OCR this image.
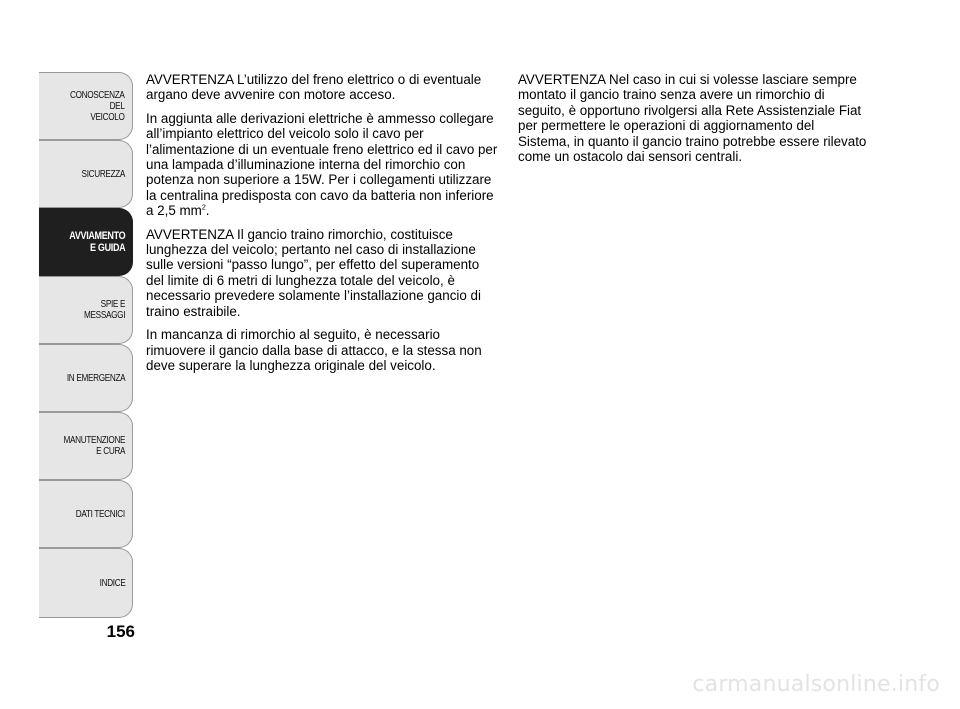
CONOSCENZA
DEL
VEICOLO
SICUREZZA
AVVIAMENTO
E GUIDA
SPIE E
MESSAGGI
IN EMERGENZA
MANUTENZIONE
E CURA
DATI TECNICI
INDICE
156

AVVERTENZA L’utilizzo del freno elettrico o di eventuale argano deve avvenire con motore acceso.

In aggiunta alle derivazioni elettriche è ammesso collegare all’impianto elettrico del veicolo solo il cavo per l’alimentazione di un eventuale freno elettrico ed il cavo per una lampada d’illuminazione interna del rimorchio con potenza non superiore a 15W. Per i collegamenti utilizzare la centralina predisposta con cavo da batteria non inferiore a 2,5 $mm^2$.

AVVERTENZA Il gancio traino rimorchio, costituisce lunghezza del veicolo; pertanto nel caso di installazione sulle versioni “passo lungo”, per effetto del superamento del limite di 6 metri di lunghezza totale del veicolo, è necessario prevedere solamente l’installazione gancio di traino estraibile.

In mancanza di rimorchio al seguito, è necessario rimuovere il gancio dalla base di attacco, e la stessa non deve superare la lunghezza originale del veicolo.

AVVERTENZA Nel caso in cui si volesse lasciare sempre montato il gancio traino senza avere un rimorchio di seguito, è opportuno rivolgersi alla Rete Assistenziale Fiat per permettere le operazioni di aggiornamento del Sistema, in quanto il gancio traino potrebbe essere rilevato come un ostacolo dai sensori centrali.

carmanualsonline.info
